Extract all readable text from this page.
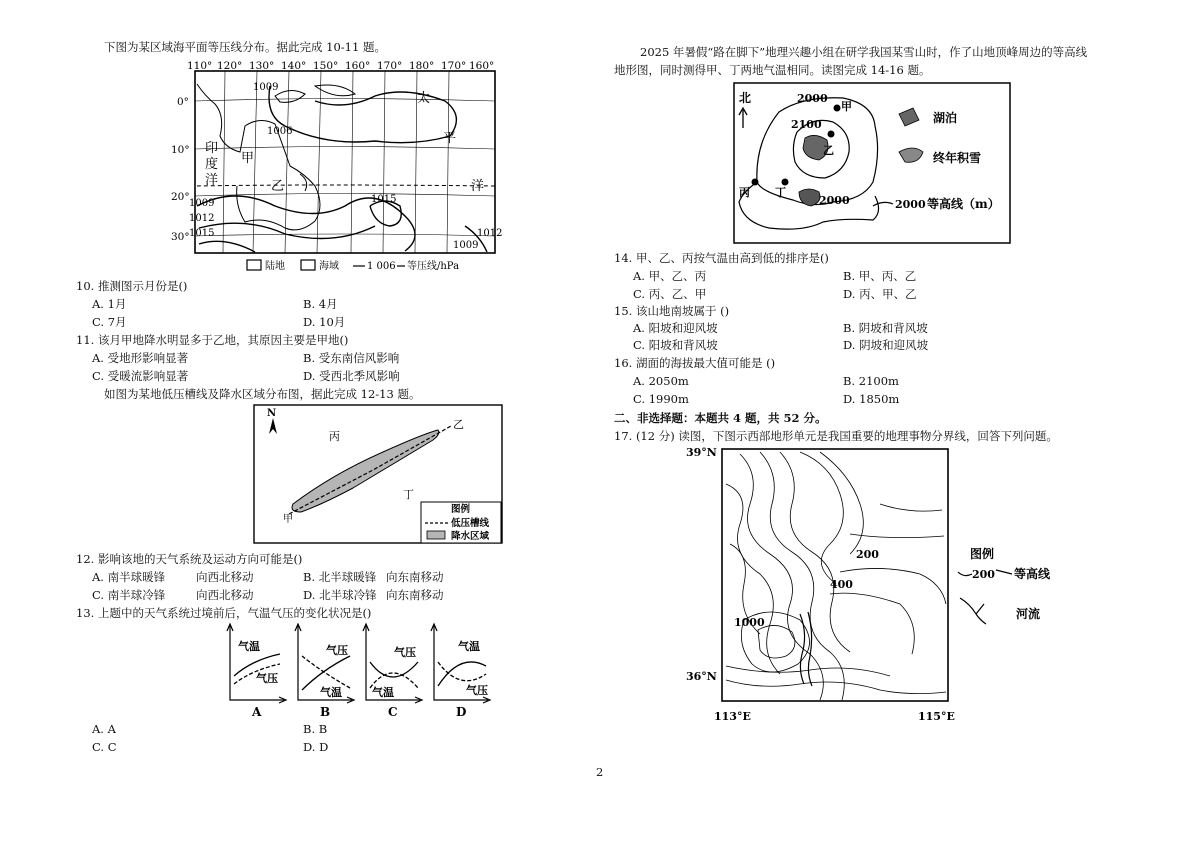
下图为某区域海平面等压线分布。据此完成 10-11 题。
110° 120° 130° 140° 150° 160° 170° 180° 170° 160°
0°
10°
20°
30°
1009
1006
1015
1009
1012
1015
1009
1012
太
平
洋
印
度
洋
甲
乙
陆地	海域	1 006 等压线/hPa
10. 推测图示月份是()
A. 1月	B. 4月
C. 7月	D. 10月
11. 该月甲地降水明显多于乙地，其原因主要是甲地()
A. 受地形影响显著	B. 受东南信风影响
C. 受暖流影响显著	D. 受西北季风影响
如图为某地低压槽线及降水区域分布图，据此完成 12-13 题。
N
丙
乙
丁
甲
图例
低压槽线
降水区域
12. 影响该地的天气系统及运动方向可能是()
A. 南半球暖锋	向西北移动	B. 北半球暖锋 向东南移动
C. 南半球冷锋	向西北移动	D. 北半球冷锋 向东南移动
13. 上题中的天气系统过境前后，气温气压的变化状况是()
气温
气压
气压
气温
气压
气温
气温
气压
A	B	C	D
A. A	B. B
C. C	D. D
2025 年暑假“路在脚下”地理兴趣小组在研学我国某雪山时，作了山地顶峰周边的等高线
地形图，同时测得甲、丁两地气温相同。读图完成 14-16 题。
北	2000
甲
2100
乙
丙 丁
2000	2000
湖泊
终年积雪
等高线（m）
14. 甲、乙、丙按气温由高到低的排序是()
A. 甲、乙、丙	B. 甲、丙、乙
C. 丙、乙、甲	D. 丙、甲、乙
15. 该山地南坡属于 ()
A. 阳坡和迎风坡	B. 阴坡和背风坡
C. 阳坡和背风坡	D. 阴坡和迎风坡
16. 湖面的海拔最大值可能是 ()
A. 2050m	B. 2100m
C. 1990m	D. 1850m
二、非选择题：本题共 4 题，共 52 分。
17. (12 分) 读图，下图示西部地形单元是我国重要的地理事物分界线，回答下列问题。
39°N
36°N
113°E	115°E
200
400
1000
图例
200 等高线
河流
2
